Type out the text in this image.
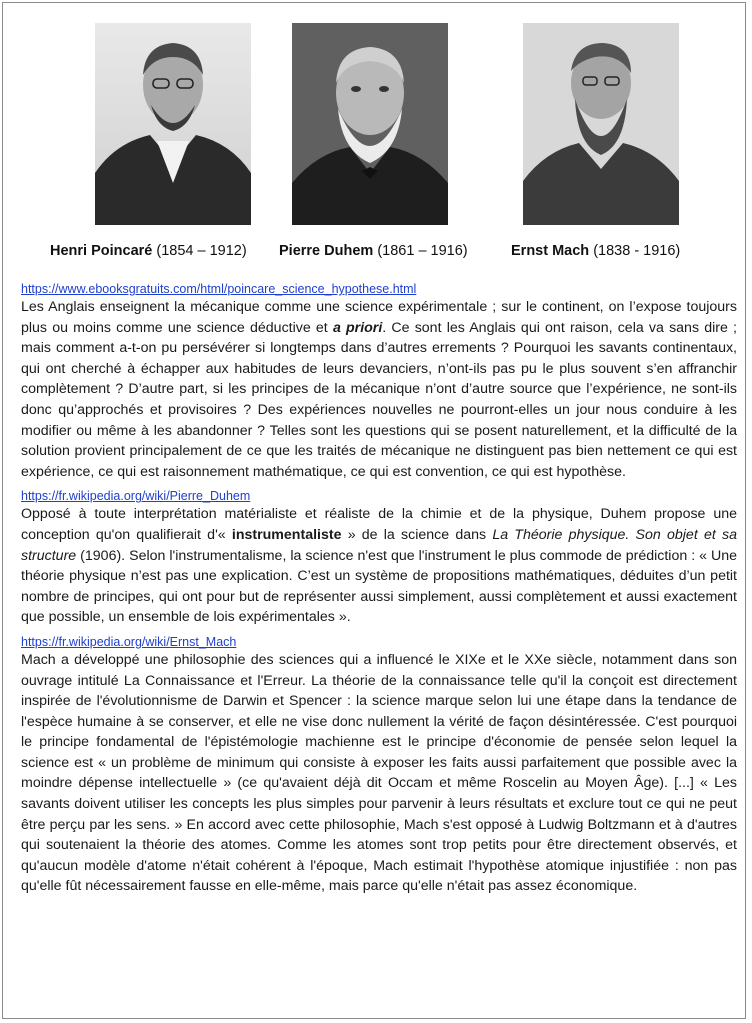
Henri Poincaré (1854 – 1912) Pierre Duhem (1861 – 1916)	Ernst Mach (1838 - 1916)
https://www.ebooksgratuits.com/html/poincare_science_hypothese.html

Les Anglais enseignent la mécanique comme une science expérimentale ; sur le continent, on l’expose toujours plus ou moins comme une science déductive et a priori. Ce sont les Anglais qui ont raison, cela va sans dire ; mais comment a-t-on pu persévérer si longtemps dans d’autres errements ? Pourquoi les savants continentaux, qui ont cherché à échapper aux habitudes de leurs devanciers, n’ont-ils pas pu le plus souvent s’en affranchir complètement ? D’autre part, si les principes de la mécanique n’ont d’autre source que l’expérience, ne sont-ils donc qu’approchés et provisoires ? Des expériences nouvelles ne pourront-elles un jour nous conduire à les modifier ou même à les abandonner ? Telles sont les questions qui se posent naturellement, et la difficulté de la solution provient principalement de ce que les traités de mécanique ne distinguent pas bien nettement ce qui est expérience, ce qui est raisonnement mathématique, ce qui est convention, ce qui est hypothèse.

https://fr.wikipedia.org/wiki/Pierre_Duhem

Opposé à toute interprétation matérialiste et réaliste de la chimie et de la physique, Duhem propose une conception qu'on qualifierait d'« instrumentaliste » de la science dans La Théorie physique. Son objet et sa structure (1906). Selon l'instrumentalisme, la science n'est que l'instrument le plus commode de prédiction : « Une théorie physique n’est pas une explication. C’est un système de propositions mathématiques, déduites d’un petit nombre de principes, qui ont pour but de représenter aussi simplement, aussi complètement et aussi exactement que possible, un ensemble de lois expérimentales ».

https://fr.wikipedia.org/wiki/Ernst_Mach

Mach a développé une philosophie des sciences qui a influencé le XIXe et le XXe siècle, notamment dans son ouvrage intitulé La Connaissance et l'Erreur. La théorie de la connaissance telle qu'il la conçoit est directement inspirée de l'évolutionnisme de Darwin et Spencer : la science marque selon lui une étape dans la tendance de l'espèce humaine à se conserver, et elle ne vise donc nullement la vérité de façon désintéressée. C'est pourquoi le principe fondamental de l'épistémologie machienne est le principe d'économie de pensée selon lequel la science est « un problème de minimum qui consiste à exposer les faits aussi parfaitement que possible avec la moindre dépense intellectuelle » (ce qu'avaient déjà dit Occam et même Roscelin au Moyen Âge). [...] « Les savants doivent utiliser les concepts les plus simples pour parvenir à leurs résultats et exclure tout ce qui ne peut être perçu par les sens. » En accord avec cette philosophie, Mach s'est opposé à Ludwig Boltzmann et à d'autres qui soutenaient la théorie des atomes. Comme les atomes sont trop petits pour être directement observés, et qu'aucun modèle d'atome n'était cohérent à l'époque, Mach estimait l'hypothèse atomique injustifiée : non pas qu'elle fût nécessairement fausse en elle-même, mais parce qu'elle n'était pas assez économique.
